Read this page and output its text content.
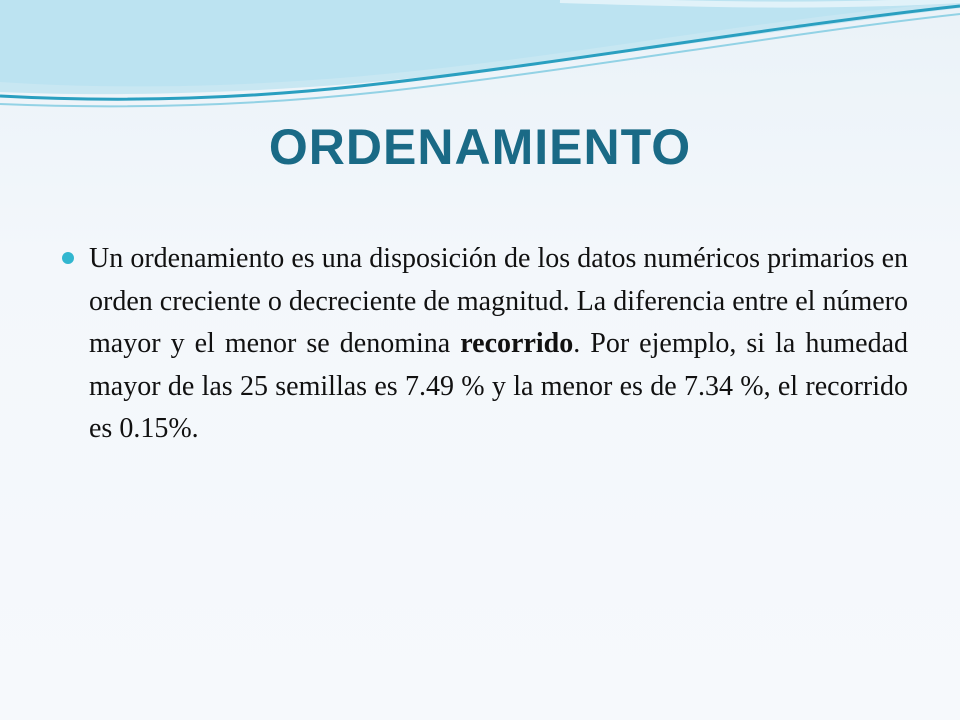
ORDENAMIENTO

Un ordenamiento es una disposición de los datos numéricos primarios en orden creciente o decreciente de magnitud. La diferencia entre el número mayor y el menor se denomina recorrido. Por ejemplo, si la humedad mayor de las 25 semillas es 7.49 % y la menor es de 7.34 %, el recorrido es 0.15%.
